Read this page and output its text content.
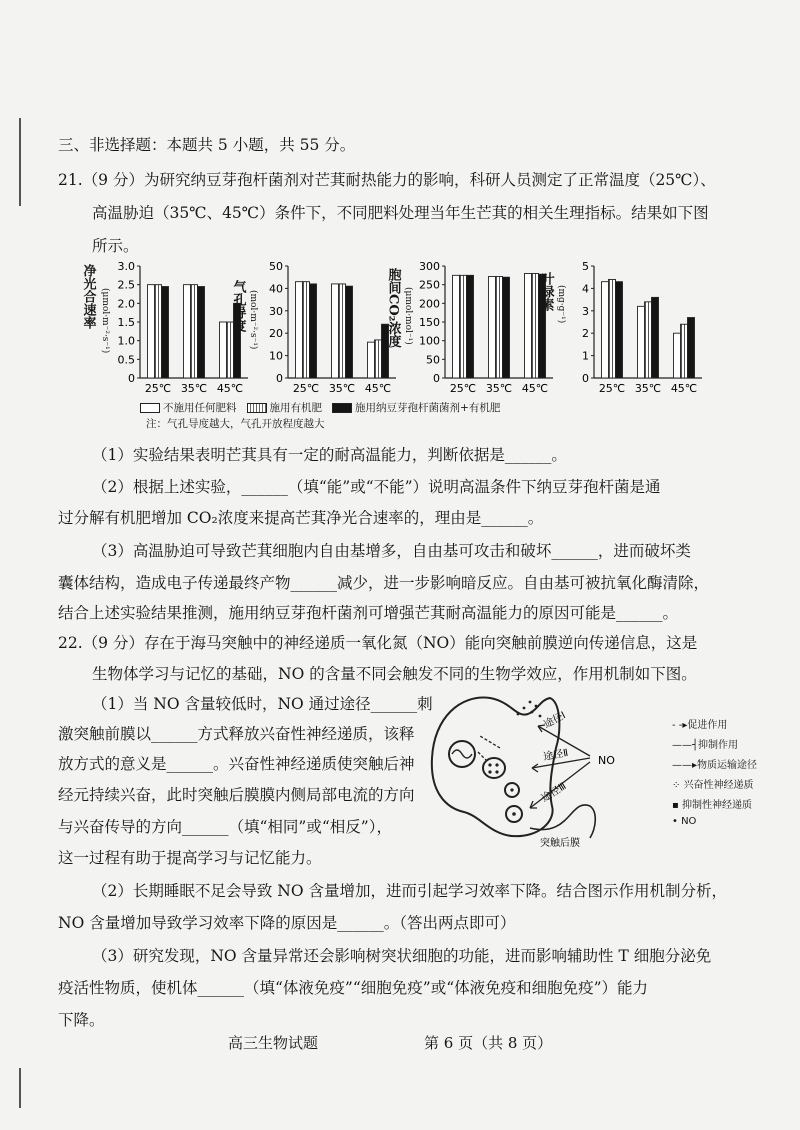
三、非选择题：本题共 5 小题，共 55 分。
21.（9 分）为研究纳豆芽孢杆菌剂对芒萁耐热能力的影响，科研人员测定了正常温度（25℃）、
高温胁迫（35℃、45℃）条件下，不同肥料处理当年生芒萁的相关生理指标。结果如下图
所示。
净光合速率 (μmol·m⁻²·s⁻¹)
0
0.5
1.0
1.5
2.0
2.5
3.0
25℃ 35℃ 45℃
气孔导度 (mol·m⁻²·s⁻¹)
0
10
20
30
40
50
25℃ 35℃ 45℃
胞间CO₂浓度 (μmol·mol⁻¹)
0
50
100
150
200
250
300
25℃ 35℃ 45℃
叶绿素 (mg·g⁻¹)
0
1
2
3
4
5
25℃ 35℃ 45℃
不施用任何肥料	施用有机肥	施用纳豆芽孢杆菌菌剂+有机肥
注：气孔导度越大，气孔开放程度越大
（1）实验结果表明芒萁具有一定的耐高温能力，判断依据是______。
（2）根据上述实验，______（填“能”或“不能”）说明高温条件下纳豆芽孢杆菌是通
过分解有机肥增加 CO₂浓度来提高芒萁净光合速率的，理由是______。
（3）高温胁迫可导致芒萁细胞内自由基增多，自由基可攻击和破坏______，进而破坏类
囊体结构，造成电子传递最终产物______减少，进一步影响暗反应。自由基可被抗氧化酶清除，
结合上述实验结果推测，施用纳豆芽孢杆菌剂可增强芒萁耐高温能力的原因可能是______。
22.（9 分）存在于海马突触中的神经递质一氧化氮（NO）能向突触前膜逆向传递信息，这是
生物体学习与记忆的基础，NO 的含量不同会触发不同的生物学效应，作用机制如下图。
（1）当 NO 含量较低时，NO 通过途径______刺
激突触前膜以______方式释放兴奋性神经递质，该释
放方式的意义是______。兴奋性神经递质使突触后神
经元持续兴奋，此时突触后膜膜内侧局部电流的方向
与兴奋传导的方向______（填“相同”或“相反”），
这一过程有助于提高学习与记忆能力。
途径Ⅰ
途径Ⅱ
途径Ⅲ
NO
突触后膜
- -▸促进作用
——┤抑制作用
——▸物质运输途径
⁘ 兴奋性神经递质
▪ 抑制性神经递质
• NO
（2）长期睡眠不足会导致 NO 含量增加，进而引起学习效率下降。结合图示作用机制分析，
NO 含量增加导致学习效率下降的原因是______。（答出两点即可）
（3）研究发现，NO 含量异常还会影响树突状细胞的功能，进而影响辅助性 T 细胞分泌免
疫活性物质，使机体______（填“体液免疫”“细胞免疫”或“体液免疫和细胞免疫”）能力
下降。
高三生物试题	第 6 页（共 8 页）
